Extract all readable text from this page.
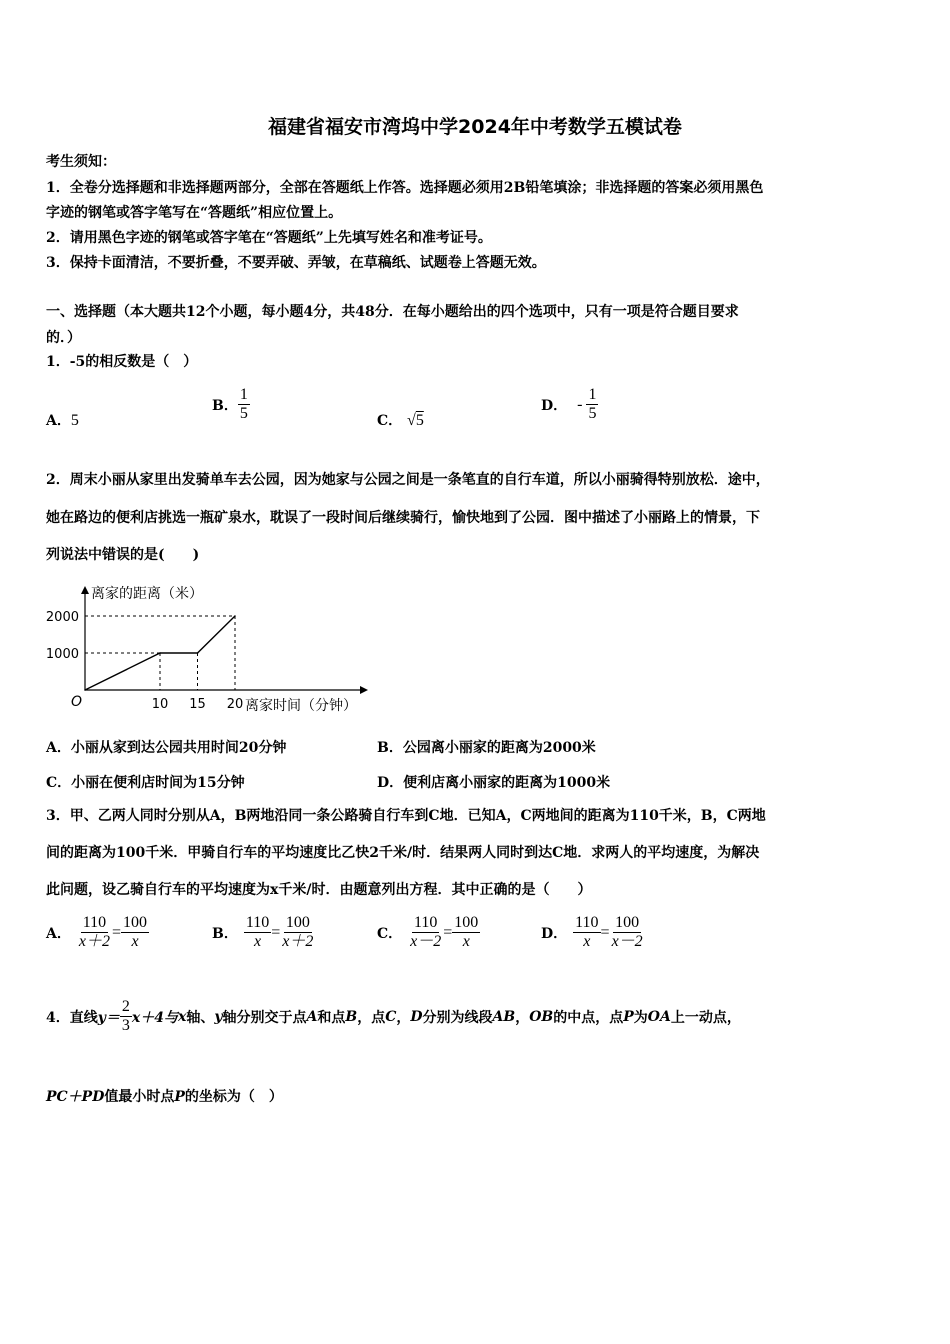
福建省福安市湾坞中学2024年中考数学五模试卷
考生须知：
1．全卷分选择题和非选择题两部分，全部在答题纸上作答。选择题必须用2B铅笔填涂；非选择题的答案必须用黑色
字迹的钢笔或答字笔写在“答题纸”相应位置上。
2．请用黑色字迹的钢笔或答字笔在“答题纸”上先填写姓名和准考证号。
3．保持卡面清洁，不要折叠，不要弄破、弄皱，在草稿纸、试题卷上答题无效。
一、选择题（本大题共12个小题，每小题4分，共48分．在每小题给出的四个选项中，只有一项是符合题目要求
的．）
1．-5的相反数是（　）
A．5
B． $\frac{1}{5}$	C． √5
D． - $\frac{1}{5}$
2．周末小丽从家里出发骑单车去公园，因为她家与公园之间是一条笔直的自行车道，所以小丽骑得特别放松．途中，
她在路边的便利店挑选一瓶矿泉水，耽误了一段时间后继续骑行，愉快地到了公园．图中描述了小丽路上的情景，下
列说法中错误的是(　　)
1000
2000
10 15 20
O
离家的距离（米）
离家时间（分钟）
A．小丽从家到达公园共用时间20分钟	B．公园离小丽家的距离为2000米
C．小丽在便利店时间为15分钟	D．便利店离小丽家的距离为1000米
3．甲、乙两人同时分别从A，B两地沿同一条公路骑自行车到C地．已知A，C两地间的距离为110千米，B，C两地
间的距离为100千米．甲骑自行车的平均速度比乙快2千米/时．结果两人同时到达C地．求两人的平均速度，为解决
此问题，设乙骑自行车的平均速度为x千米/时．由题意列出方程．其中正确的是（　　）
A． $\frac{110}{x+2} = \frac{100}{x}$	B． $\frac{110}{x} = \frac{100}{x+2}$	C． $\frac{110}{x-2} = \frac{100}{x}$	D． $\frac{110}{x} = \frac{100}{x-2}$
4．直线 $y= \frac{2}{3} x+4$与 x 轴、 y 轴分别交于点 A 和点 B ，点 C ， D 分别为线段 AB ， OB 的中点，点 P 为 OA 上一动点，
PC＋PD值最小时点P的坐标为（　）
